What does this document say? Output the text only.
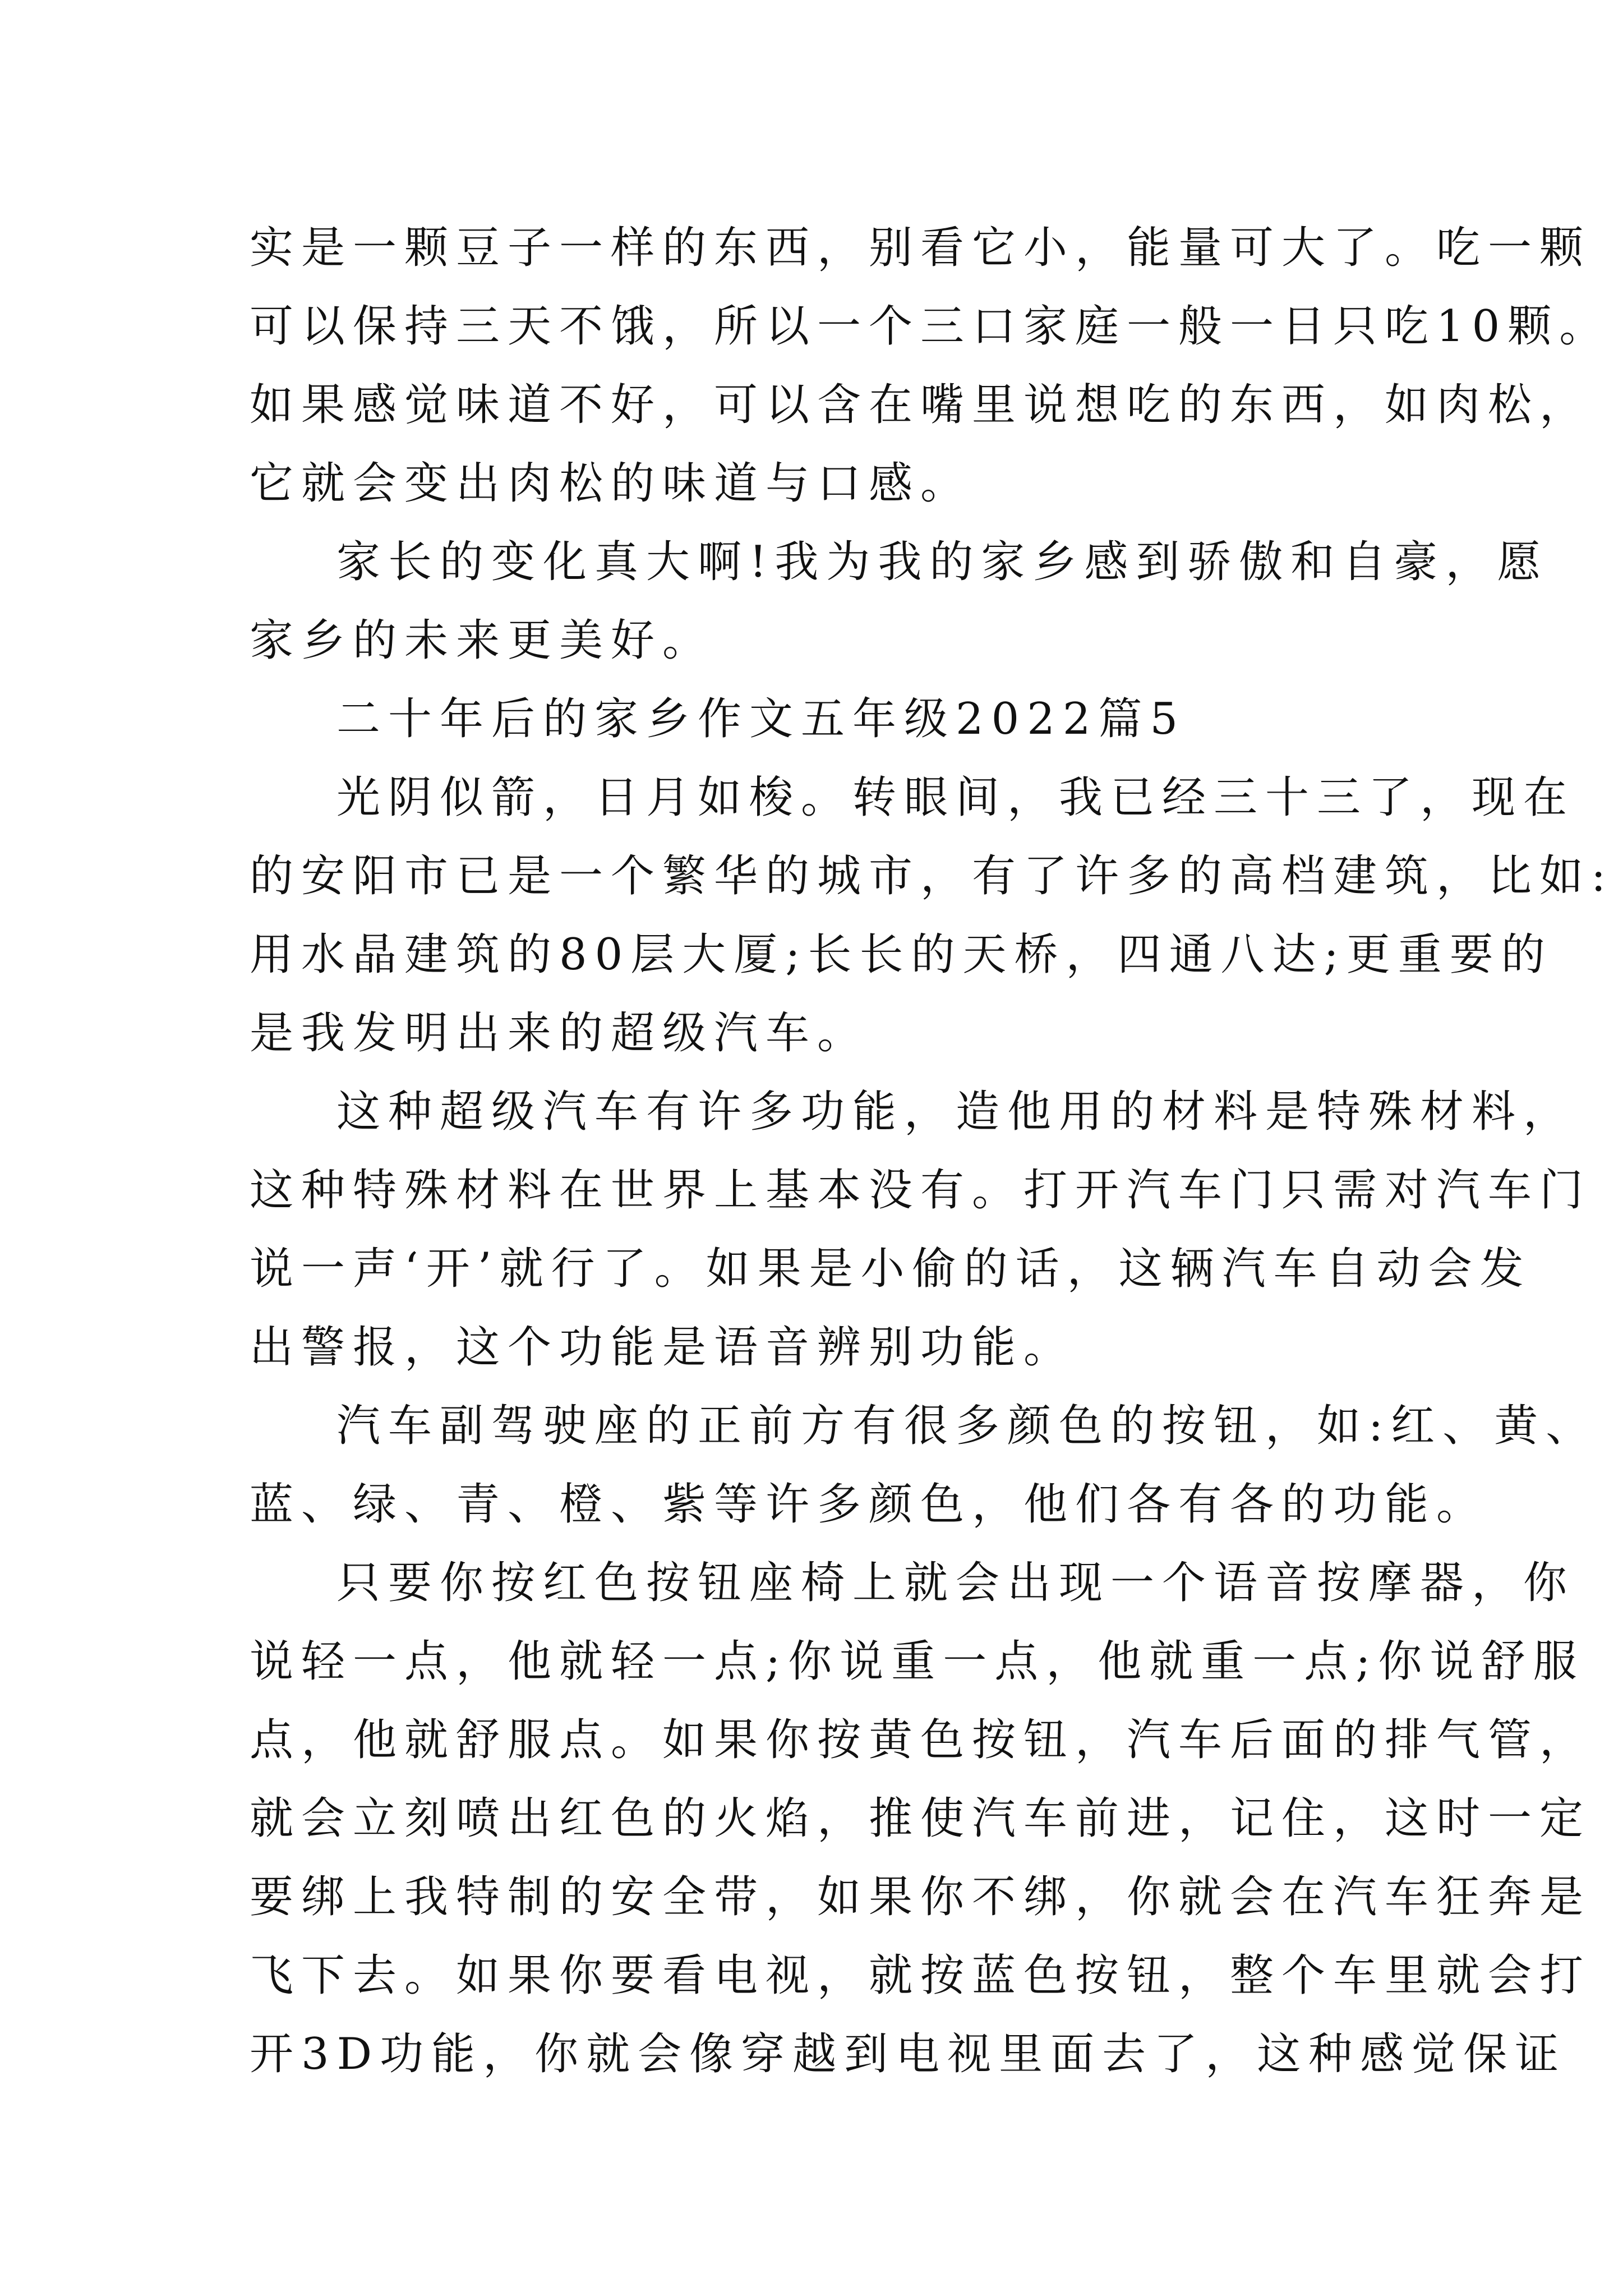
实是一颗豆子一样的东西，别看它小，能量可大了。吃一颗
可以保持三天不饿，所以一个三口家庭一般一日只吃10颗。
如果感觉味道不好，可以含在嘴里说想吃的东西，如肉松，
它就会变出肉松的味道与口感。
家长的变化真大啊!我为我的家乡感到骄傲和自豪，愿
家乡的未来更美好。
二十年后的家乡作文五年级2022篇5
光阴似箭，日月如梭。转眼间，我已经三十三了，现在
的安阳市已是一个繁华的城市，有了许多的高档建筑，比如:
用水晶建筑的80层大厦;长长的天桥，四通八达;更重要的
是我发明出来的超级汽车。
这种超级汽车有许多功能，造他用的材料是特殊材料，
这种特殊材料在世界上基本没有。打开汽车门只需对汽车门
说一声‘开’就行了。如果是小偷的话，这辆汽车自动会发
出警报，这个功能是语音辨别功能。
汽车副驾驶座的正前方有很多颜色的按钮，如:红、黄、
蓝、绿、青、橙、紫等许多颜色，他们各有各的功能。
只要你按红色按钮座椅上就会出现一个语音按摩器，你
说轻一点，他就轻一点;你说重一点，他就重一点;你说舒服
点，他就舒服点。如果你按黄色按钮，汽车后面的排气管，
就会立刻喷出红色的火焰，推使汽车前进，记住，这时一定
要绑上我特制的安全带，如果你不绑，你就会在汽车狂奔是
飞下去。如果你要看电视，就按蓝色按钮，整个车里就会打
开3D功能，你就会像穿越到电视里面去了，这种感觉保证
